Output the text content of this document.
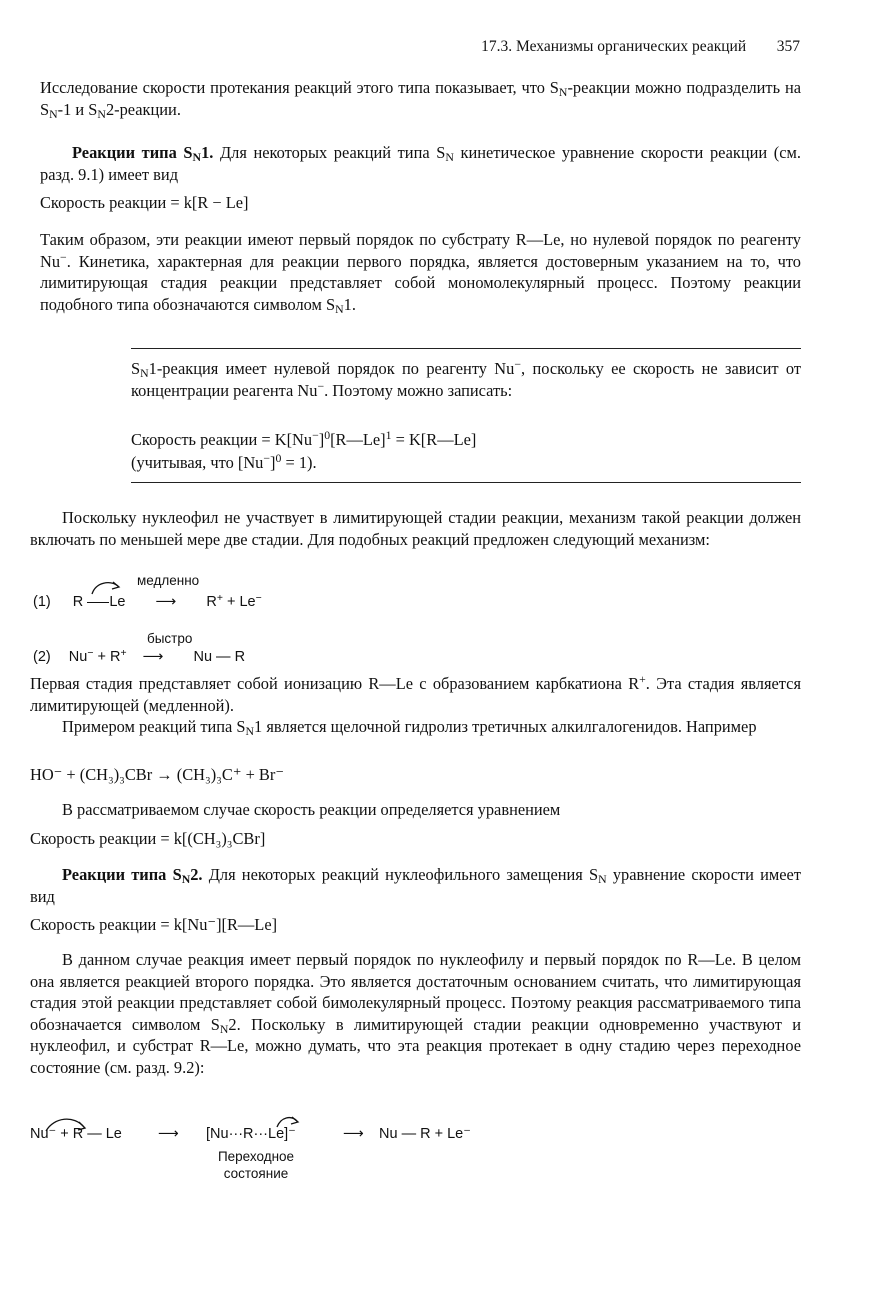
17.3. Механизмы органических реакций 357

Исследование скорости протекания реакций этого типа показывает, что $S_N$-реакции можно подразделить на $S_N-1$ и $S_N2$-реакции.

Реакции типа $S_N1$. Для некоторых реакций типа $S_N$ кинетическое уравнение скорости реакции (см. разд. 9.1) имеет вид

Скорость реакции = k[R − Le]

Таким образом, эти реакции имеют первый порядок по субстрату R—Le, но нулевой порядок по реагенту Nu−. Кинетика, характерная для реакции первого порядка, является достоверным указанием на то, что лимитирующая стадия реакции представляет собой мономолекулярный процесс. Поэтому реакции подобного типа обозначаются символом $S_N1$.

$S_N1$-реакция имеет нулевой порядок по реагенту Nu−, поскольку ее скорость не зависит от концентрации реагента Nu−. Поэтому можно записать:

Скорость реакции = $K[Nu^-]^0[R—Le]^1$ = K[R—Le]
(учитывая, что $[Nu^-]^0 = 1$).

Поскольку нуклеофил не участвует в лимитирующей стадии реакции, механизм такой реакции должен включать по меньшей мере две стадии. Для подобных реакций предложен следующий механизм:

медленно
(1) R Le ⟶ R+ + Le−
быстро
(2) Nu− + R+ ⟶ Nu — R

Первая стадия представляет собой ионизацию R—Le с образованием карбкатиона R+. Эта стадия является лимитирующей (медленной).

Примером реакций типа $S_N1$ является щелочной гидролиз третичных алкилгалогенидов. Например

HO⁻ + (CH₃)₃CBr → (CH₃)₃C⁺ + Br⁻

В рассматриваемом случае скорость реакции определяется уравнением

Скорость реакции = k[(CH₃)₃CBr]

Реакции типа $S_N2$. Для некоторых реакций нуклеофильного замещения $S_N$ уравнение скорости имеет вид

Скорость реакции = k[Nu⁻][R—Le]

В данном случае реакция имеет первый порядок по нуклеофилу и первый порядок по R—Le. В целом она является реакцией второго порядка. Это является достаточным основанием считать, что лимитирующая стадия этой реакции представляет собой бимолекулярный процесс. Поэтому реакция рассматриваемого типа обозначается символом $S_N2$. Поскольку в лимитирующей стадии реакции одновременно участвуют и нуклеофил, и субстрат R—Le, можно думать, что эта реакция протекает в одну стадию через переходное состояние (см. разд. 9.2):

Nu⁻ + R — Le ⟶ [Nu···R···Le]⁻	⟶ Nu — R + Le⁻
Переходное
состояние
